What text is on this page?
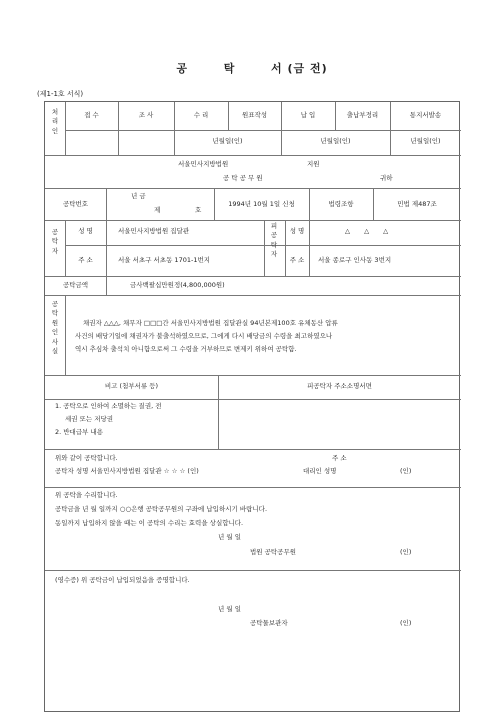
공	탁	서 (금 전)
(제1-1호 서식)
처
리
인
접 수	조 사	수 리	원표작성	납 입	출납부정리	통지서발송
년월일(인)	년월일(인)	년월일(인)
서울민사지방법원	지원
공 탁 공 무 원	귀하
공탁번호
년 금
제	호
1994년 10월 1일 신청	법령조항	민법 제487조
공
탁
자
성 명	서울민사지방법원 집달관
주 소	서울 서초구 서초동 1701-1번지
피
공
탁
자
성 명	△ △ △
주 소	서울 종로구 인사동 3번지
공탁금액	금사백팔십만원정(4,800,000원)
공
탁
원
인
사
실
채권자 △△△, 채무자 □□□간 서울민사지방법원 집달관실 94년본제100호 유체동산 압류
사건의 배당기일에 채권자가 불출석하였으므로, 그에게 다시 배당금의 수령을 최고하였으나
역시 추심차 출석치 아니함으로써 그 수령을 거부하므로 변제키 위하여 공탁함.
비고 (첨부서류 등)	피공탁자 주소소명서면
1. 공탁으로 인하여 소멸하는 질권, 전
세권 또는 저당권
2. 반대급부 내용
위와 같이 공탁합니다.	주 소
공탁자 성명 서울민사지방법원 집달관 ☆ ☆ ☆ (인)	대리인 성명	(인)
위 공탁을 수리합니다.
공탁금을 년 월 일까지 ○○은행 공탁공무원의 구좌에 납입하시기 바랍니다.
동일까지 납입하지 않을 때는 이 공탁의 수리는 효력을 상실합니다.
년 월 일
법원 공탁공무원	(인)
(영수증) 위 공탁금이 납입되었음을 증명합니다.
년 월 일
공탁물보관자	(인)
